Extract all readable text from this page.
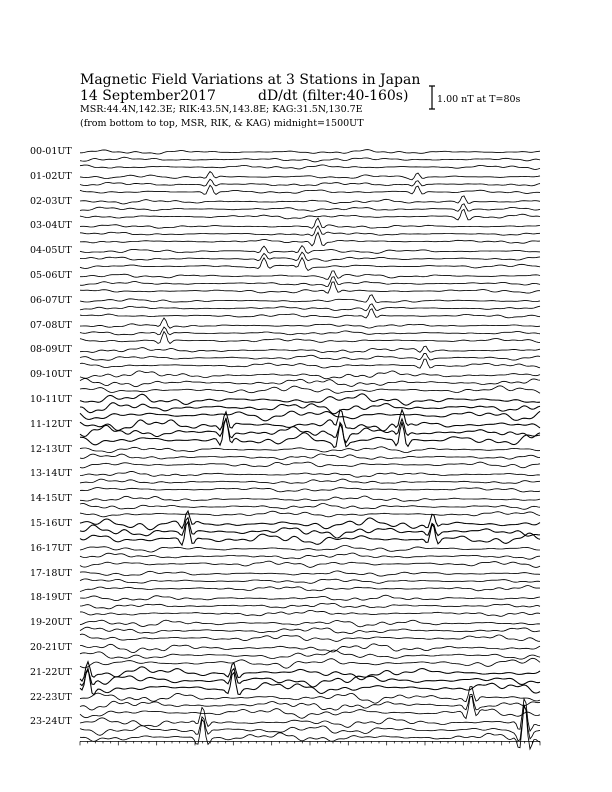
Magnetic Field Variations at 3 Stations in Japan
14 September2017	dD/dt (filter:40-160s)
MSR:44.4N,142.3E; RIK:43.5N,143.8E; KAG:31.5N,130.7E
(from bottom to top, MSR, RIK, & KAG) midnight=1500UT
1.00 nT at T=80s
00-01UT
01-02UT
02-03UT
03-04UT
04-05UT
05-06UT
06-07UT
07-08UT
08-09UT
09-10UT
10-11UT
11-12UT
12-13UT
13-14UT
14-15UT
15-16UT
16-17UT
17-18UT
18-19UT
19-20UT
20-21UT
21-22UT
22-23UT
23-24UT
